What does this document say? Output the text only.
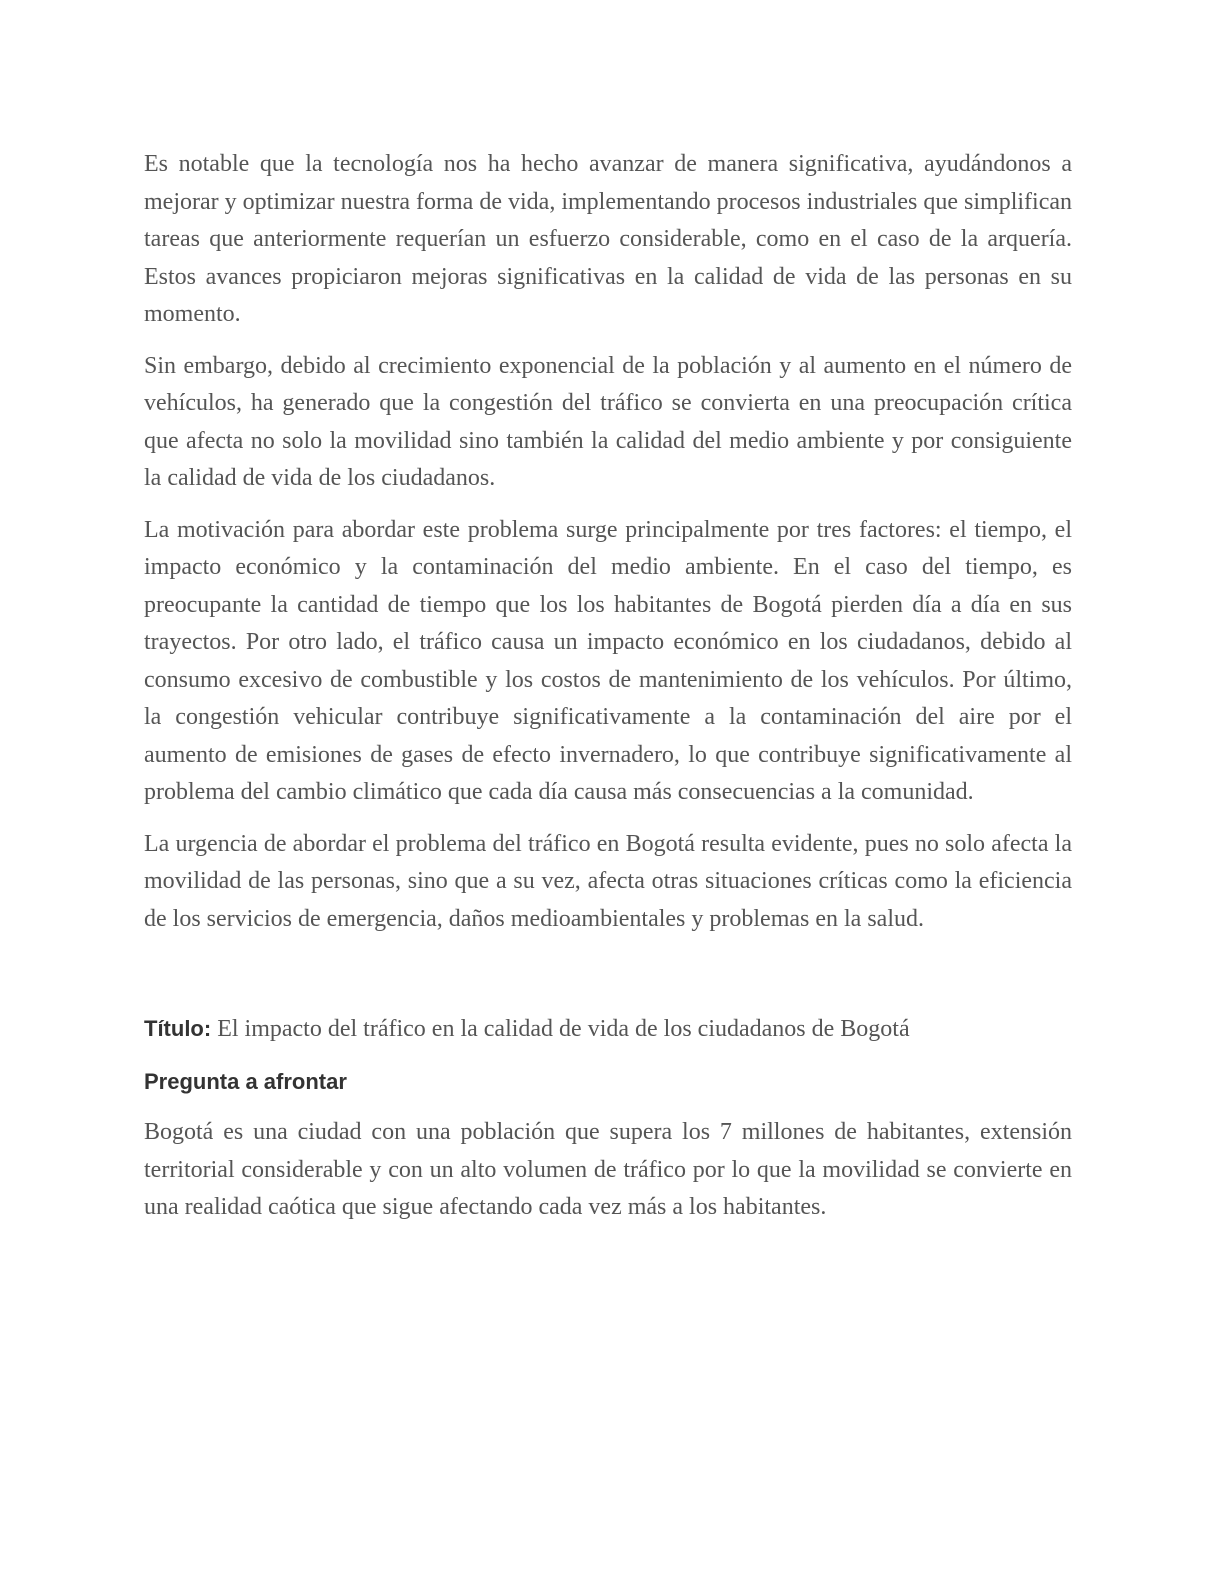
Es notable que la tecnología nos ha hecho avanzar de manera significativa, ayudándonos a mejorar y optimizar nuestra forma de vida, implementando procesos industriales que simplifican tareas que anteriormente requerían un esfuerzo considerable, como en el caso de la arquería. Estos avances propiciaron mejoras significativas en la calidad de vida de las personas en su momento.

Sin embargo, debido al crecimiento exponencial de la población y al aumento en el número de vehículos, ha generado que la congestión del tráfico se convierta en una preocupación crítica que afecta no solo la movilidad sino también la calidad del medio ambiente y por consiguiente la calidad de vida de los ciudadanos.

La motivación para abordar este problema surge principalmente por tres factores: el tiempo, el impacto económico y la contaminación del medio ambiente. En el caso del tiempo, es preocupante la cantidad de tiempo que los los habitantes de Bogotá pierden día a día en sus trayectos. Por otro lado, el tráfico causa un impacto económico en los ciudadanos, debido al consumo excesivo de combustible y los costos de mantenimiento de los vehículos. Por último, la congestión vehicular contribuye significativamente a la contaminación del aire por el aumento de emisiones de gases de efecto invernadero, lo que contribuye significativamente al problema del cambio climático que cada día causa más consecuencias a la comunidad.

La urgencia de abordar el problema del tráfico en Bogotá resulta evidente, pues no solo afecta la movilidad de las personas, sino que a su vez, afecta otras situaciones críticas como la eficiencia de los servicios de emergencia, daños medioambientales y problemas en la salud.

Título: El impacto del tráfico en la calidad de vida de los ciudadanos de Bogotá
Pregunta a afrontar

Bogotá es una ciudad con una población que supera los 7 millones de habitantes, extensión territorial considerable y con un alto volumen de tráfico por lo que la movilidad se convierte en una realidad caótica que sigue afectando cada vez más a los habitantes.
